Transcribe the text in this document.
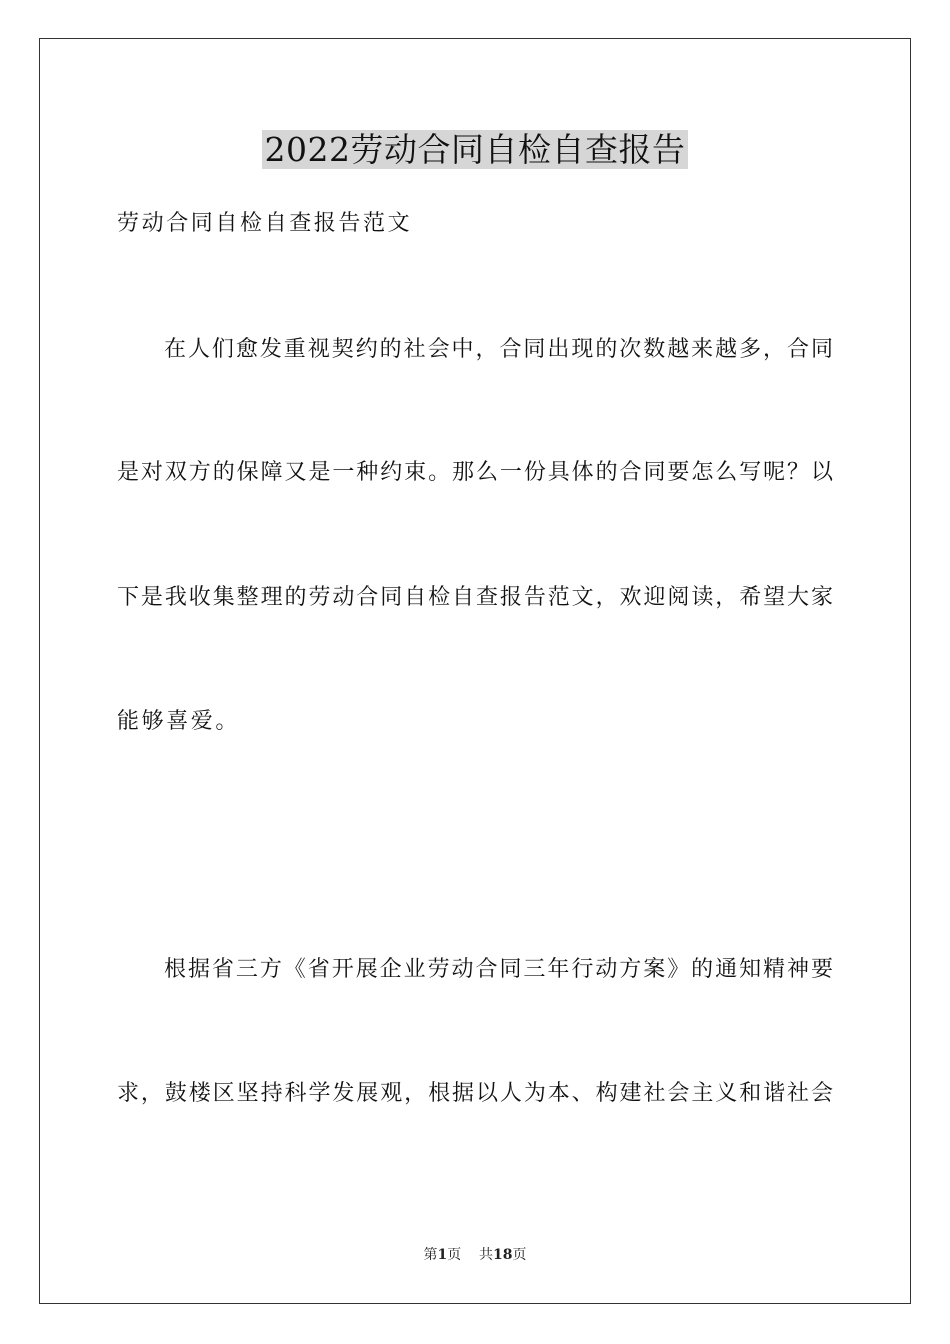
2022劳动合同自检自查报告
劳动合同自检自查报告范文
在人们愈发重视契约的社会中，合同出现的次数越来越多，合同
是对双方的保障又是一种约束。那么一份具体的合同要怎么写呢？以
下是我收集整理的劳动合同自检自查报告范文，欢迎阅读，希望大家
能够喜爱。
根据省三方《省开展企业劳动合同三年行动方案》的通知精神要
求，鼓楼区坚持科学发展观，根据以人为本、构建社会主义和谐社会
第1页 共18页
